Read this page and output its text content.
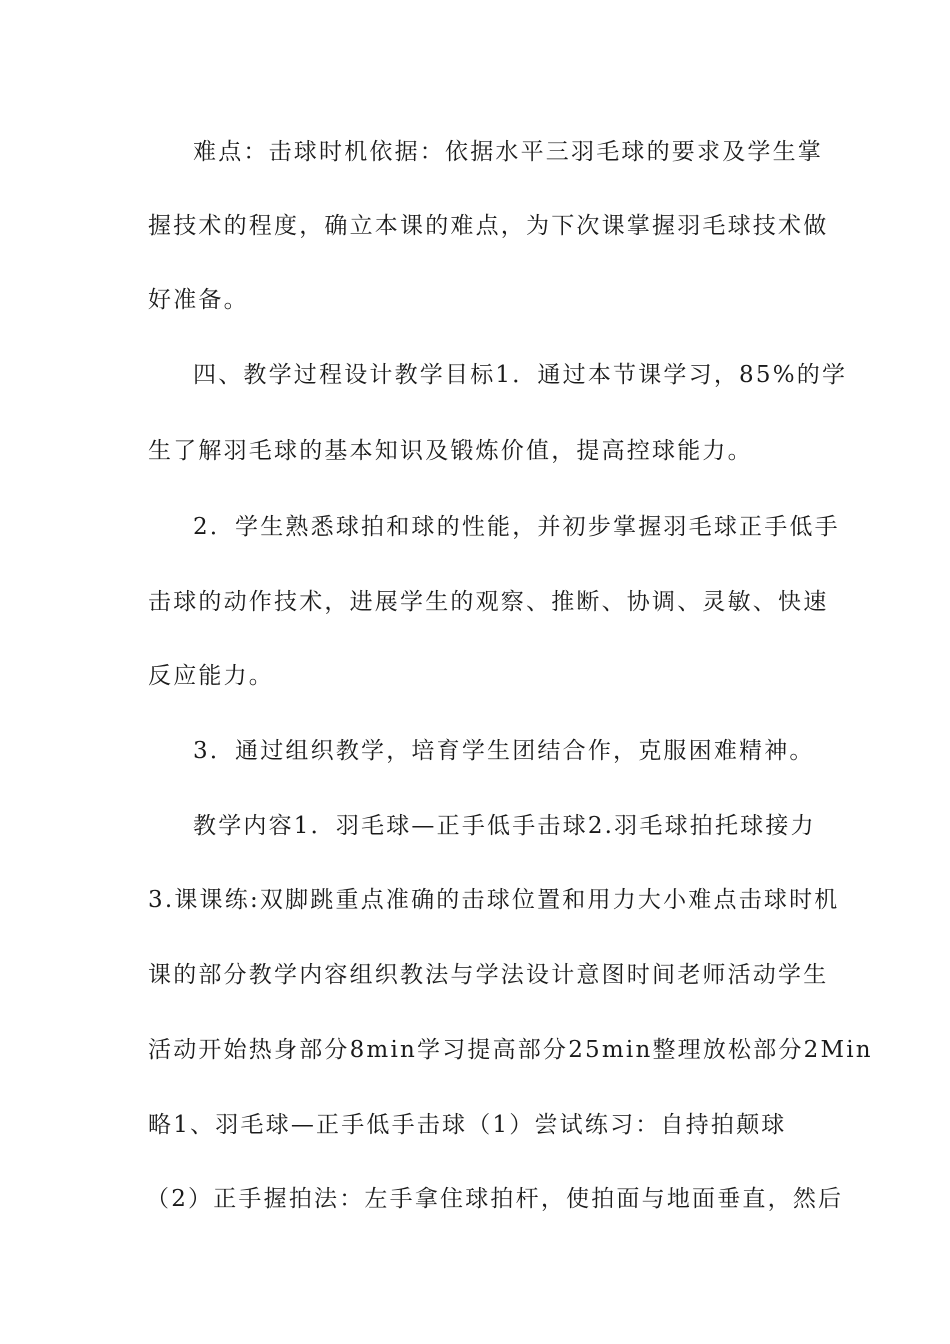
难点：击球时机依据：依据水平三羽毛球的要求及学生掌
握技术的程度，确立本课的难点，为下次课掌握羽毛球技术做
好准备。
四、教学过程设计教学目标1．通过本节课学习，85%的学
生了解羽毛球的基本知识及锻炼价值，提高控球能力。
2．学生熟悉球拍和球的性能，并初步掌握羽毛球正手低手
击球的动作技术，进展学生的观察、推断、协调、灵敏、快速
反应能力。
3．通过组织教学，培育学生团结合作，克服困难精神。
教学内容1．羽毛球—正手低手击球2.羽毛球拍托球接力
3.课课练:双脚跳重点准确的击球位置和用力大小难点击球时机
课的部分教学内容组织教法与学法设计意图时间老师活动学生
活动开始热身部分8min学习提高部分25min整理放松部分2Min
略1、羽毛球—正手低手击球（1）尝试练习：自持拍颠球
（2）正手握拍法：左手拿住球拍杆，使拍面与地面垂直，然后
